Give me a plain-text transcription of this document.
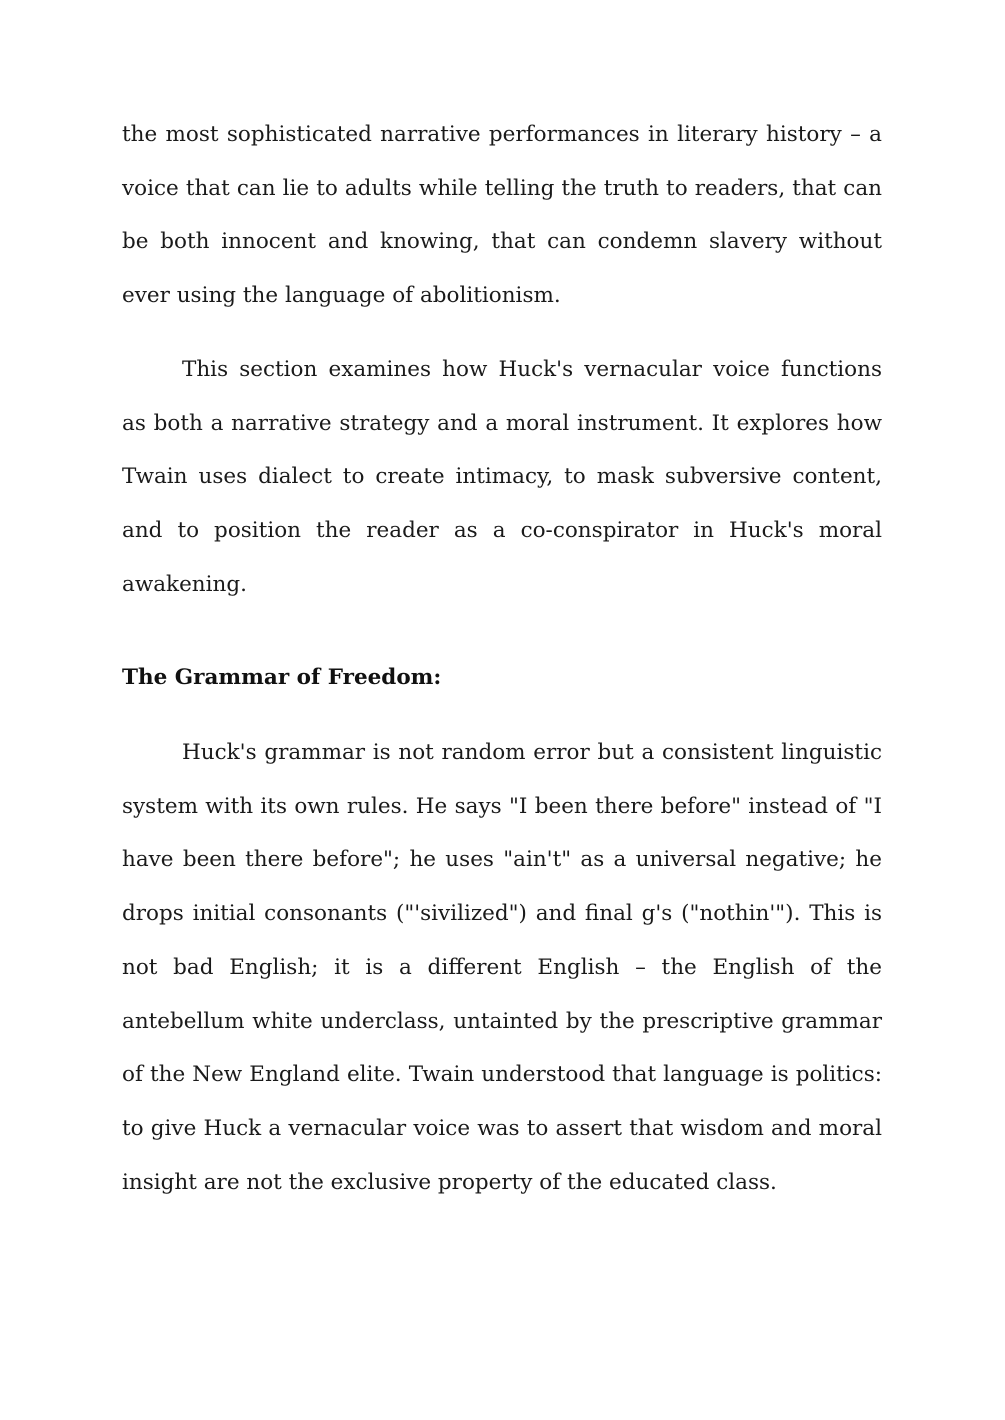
the most sophisticated narrative performances in literary history – a voice that can lie to adults while telling the truth to readers, that can be both innocent and knowing, that can condemn slavery without ever using the language of abolitionism.

This section examines how Huck's vernacular voice functions as both a narrative strategy and a moral instrument. It explores how Twain uses dialect to create intimacy, to mask subversive content, and to position the reader as a co-conspirator in Huck's moral awakening.

The Grammar of Freedom:

Huck's grammar is not random error but a consistent linguistic system with its own rules. He says "I been there before" instead of "I have been there before"; he uses "ain't" as a universal negative; he drops initial consonants ("'sivilized") and final g's ("nothin'"). This is not bad English; it is a different English – the English of the antebellum white underclass, untainted by the prescriptive grammar of the New England elite. Twain understood that language is politics: to give Huck a vernacular voice was to assert that wisdom and moral insight are not the exclusive property of the educated class.
